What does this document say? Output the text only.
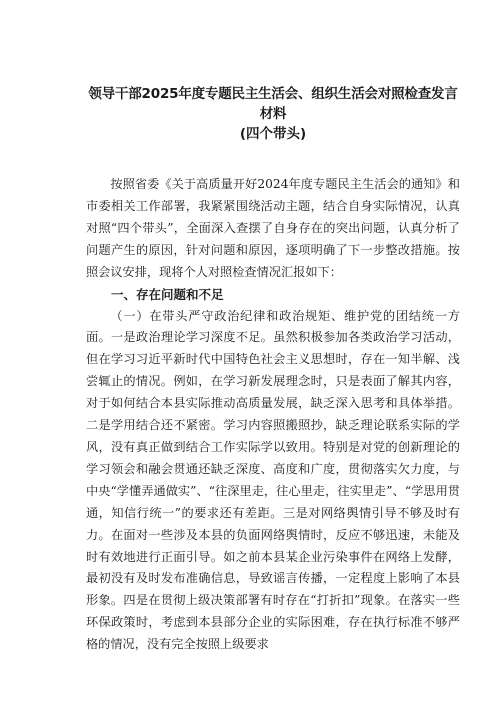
领导干部2025年度专题民主生活会、组织生活会对照检查发言材料

(四个带头)

按照省委《关于高质量开好2024年度专题民主生活会的通知》和市委相关工作部署，我紧紧围绕活动主题，结合自身实际情况，认真对照“四个带头”，全面深入查摆了自身存在的突出问题，认真分析了问题产生的原因，针对问题和原因，逐项明确了下一步整改措施。按照会议安排，现将个人对照检查情况汇报如下：

一、存在问题和不足

（一）在带头严守政治纪律和政治规矩、维护党的团结统一方面。一是政治理论学习深度不足。虽然积极参加各类政治学习活动，但在学习习近平新时代中国特色社会主义思想时，存在一知半解、浅尝辄止的情况。例如，在学习新发展理念时，只是表面了解其内容，对于如何结合本县实际推动高质量发展，缺乏深入思考和具体举措。二是学用结合还不紧密。学习内容照搬照抄，缺乏理论联系实际的学风，没有真正做到结合工作实际学以致用。特别是对党的创新理论的学习领会和融会贯通还缺乏深度、高度和广度，贯彻落实欠力度，与中央“学懂弄通做实”、“往深里走，往心里走，往实里走”、“学思用贯通，知信行统一”的要求还有差距。三是对网络舆情引导不够及时有力。在面对一些涉及本县的负面网络舆情时，反应不够迅速，未能及时有效地进行正面引导。如之前本县某企业污染事件在网络上发酵，最初没有及时发布准确信息，导致谣言传播，一定程度上影响了本县形象。四是在贯彻上级决策部署有时存在“打折扣”现象。在落实一些环保政策时，考虑到本县部分企业的实际困难，存在执行标准不够严格的情况，没有完全按照上级要求
